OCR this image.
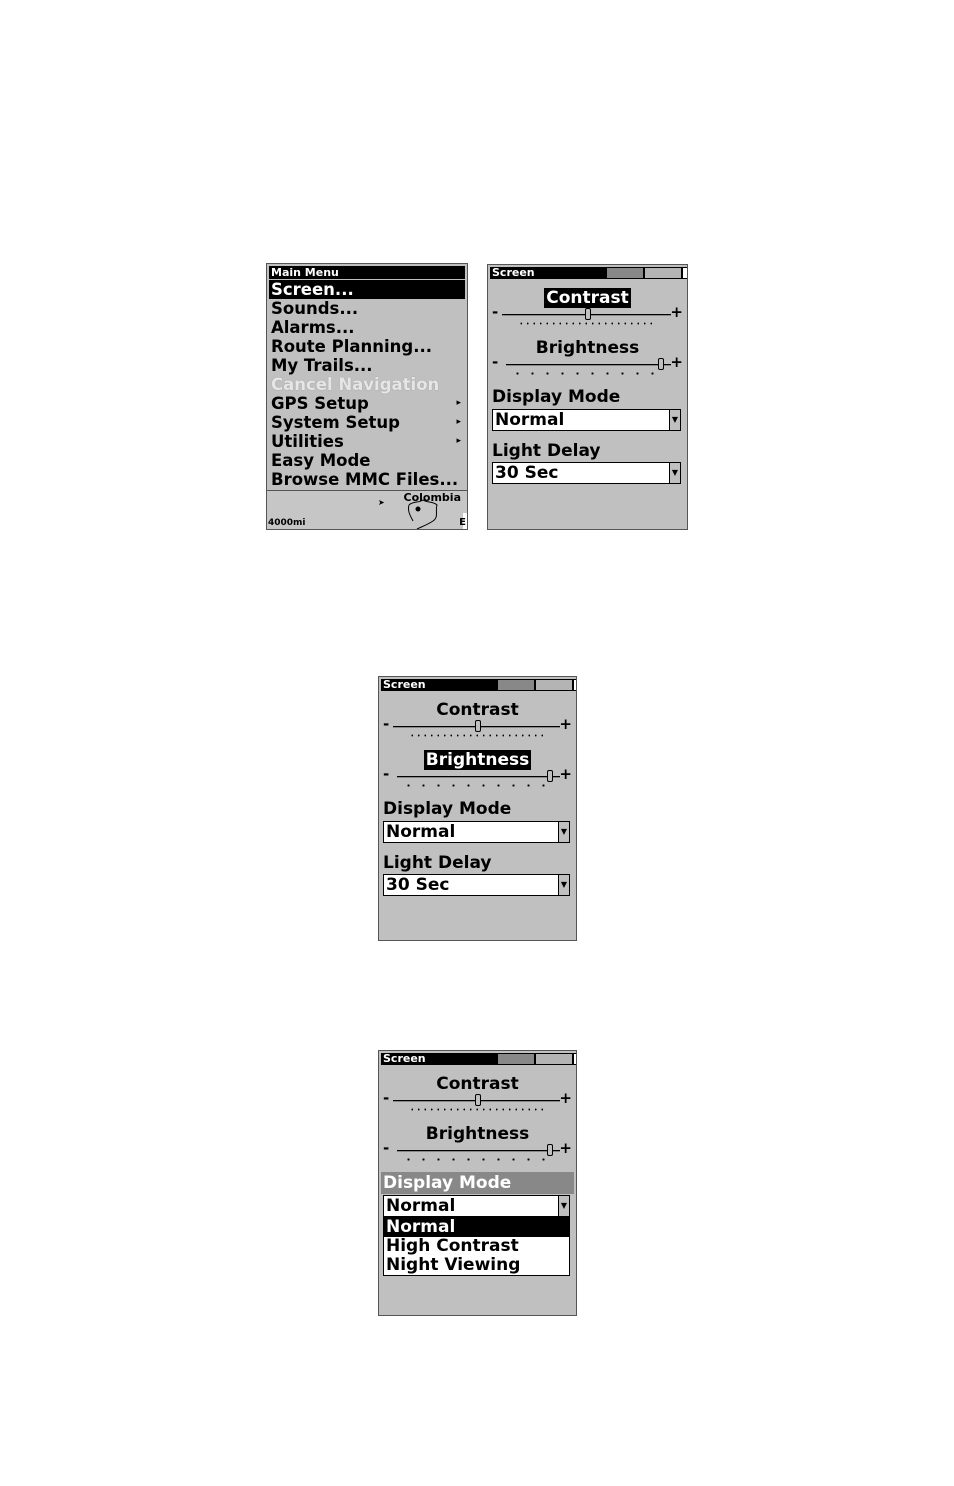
Main Menu
Screen...
Sounds...
Alarms...
Route Planning...
My Trails...
Cancel Navigation
GPS Setup	▸
System Setup	▸
Utilities	▸
Easy Mode
Browse MMC Files...
➤ Colombia
4000mi	E
Screen
Contrast
-	+
Brightness
-	+
Display Mode
Normal	▼
Light Delay
30 Sec	▼
Screen
Contrast
-	+
Brightness
-	+
Display Mode
Normal	▼
Light Delay
30 Sec	▼
Screen
Contrast
-	+
Brightness
-	+
Display Mode
Normal	▼
Normal
High Contrast
Night Viewing
